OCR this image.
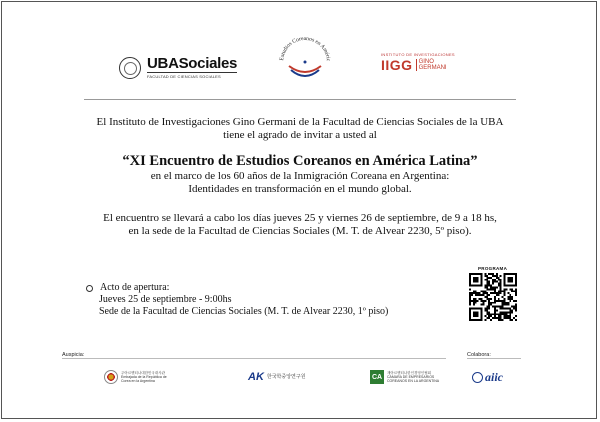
UBASociales
FACULTAD DE CIENCIAS SOCIALES
Estudios Coreanos en Améric
INSTITUTO DE INVESTIGACIONES
IIGG GINO
GERMANI
El Instituto de Investigaciones Gino Germani de la Facultad de Ciencias Sociales de la UBA
tiene el agrado de invitar a usted al
“XI Encuentro de Estudios Coreanos en América Latina”
en el marco de los 60 años de la Inmigración Coreana en Argentina:
Identidades en transformación en el mundo global.
El encuentro se llevará a cabo los días jueves 25 y viernes 26 de septiembre, de 9 a 18 hs,
en la sede de la Facultad de Ciencias Sociales (M. T. de Alvear 2230, 5º piso).
Acto de apertura:
Jueves 25 de septiembre - 9:00hs
Sede de la Facultad de Ciencias Sociales (M. T. de Alvear 2230, 1º piso)
PROGRAMA
Auspicia:	Colabora:
주아르헨티나대한민국대사관
Embajada de la República de
Corea en la Argentina	AK 한국학중앙연구원	CA
재아르헨티나한인경영인협회
CÁMARA DE EMPRESARIOS
COREANOS EN LA ARGENTINA	aiic
